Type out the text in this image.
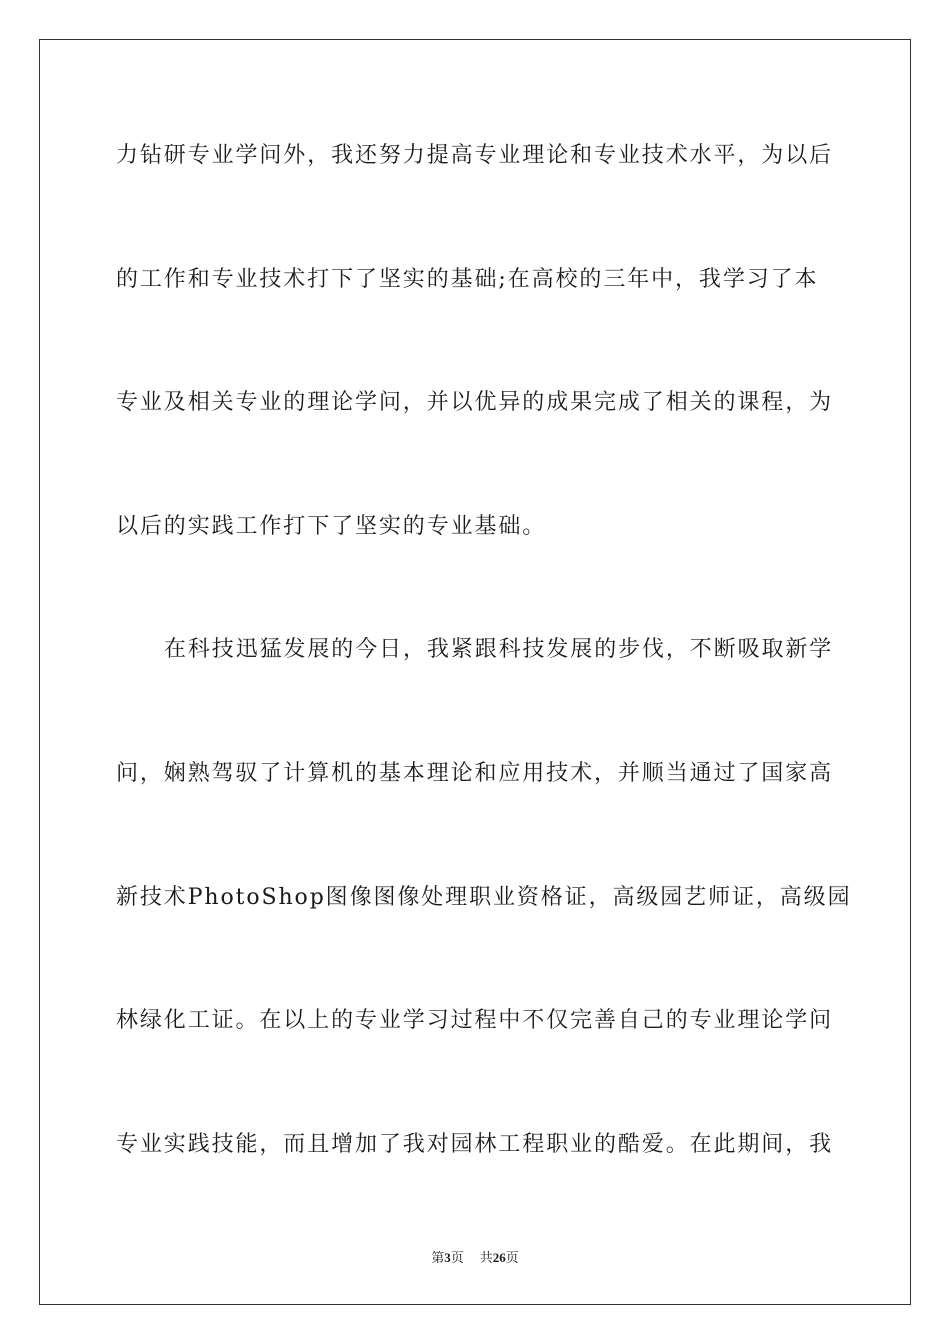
力钻研专业学问外，我还努力提高专业理论和专业技术水平，为以后
的工作和专业技术打下了坚实的基础;在高校的三年中，我学习了本
专业及相关专业的理论学问，并以优异的成果完成了相关的课程，为
以后的实践工作打下了坚实的专业基础。
在科技迅猛发展的今日，我紧跟科技发展的步伐，不断吸取新学
问，娴熟驾驭了计算机的基本理论和应用技术，并顺当通过了国家高
新技术PhotoShop图像图像处理职业资格证，高级园艺师证，高级园
林绿化工证。在以上的专业学习过程中不仅完善自己的专业理论学问
专业实践技能，而且增加了我对园林工程职业的酷爱。在此期间，我
第3页 共26页
